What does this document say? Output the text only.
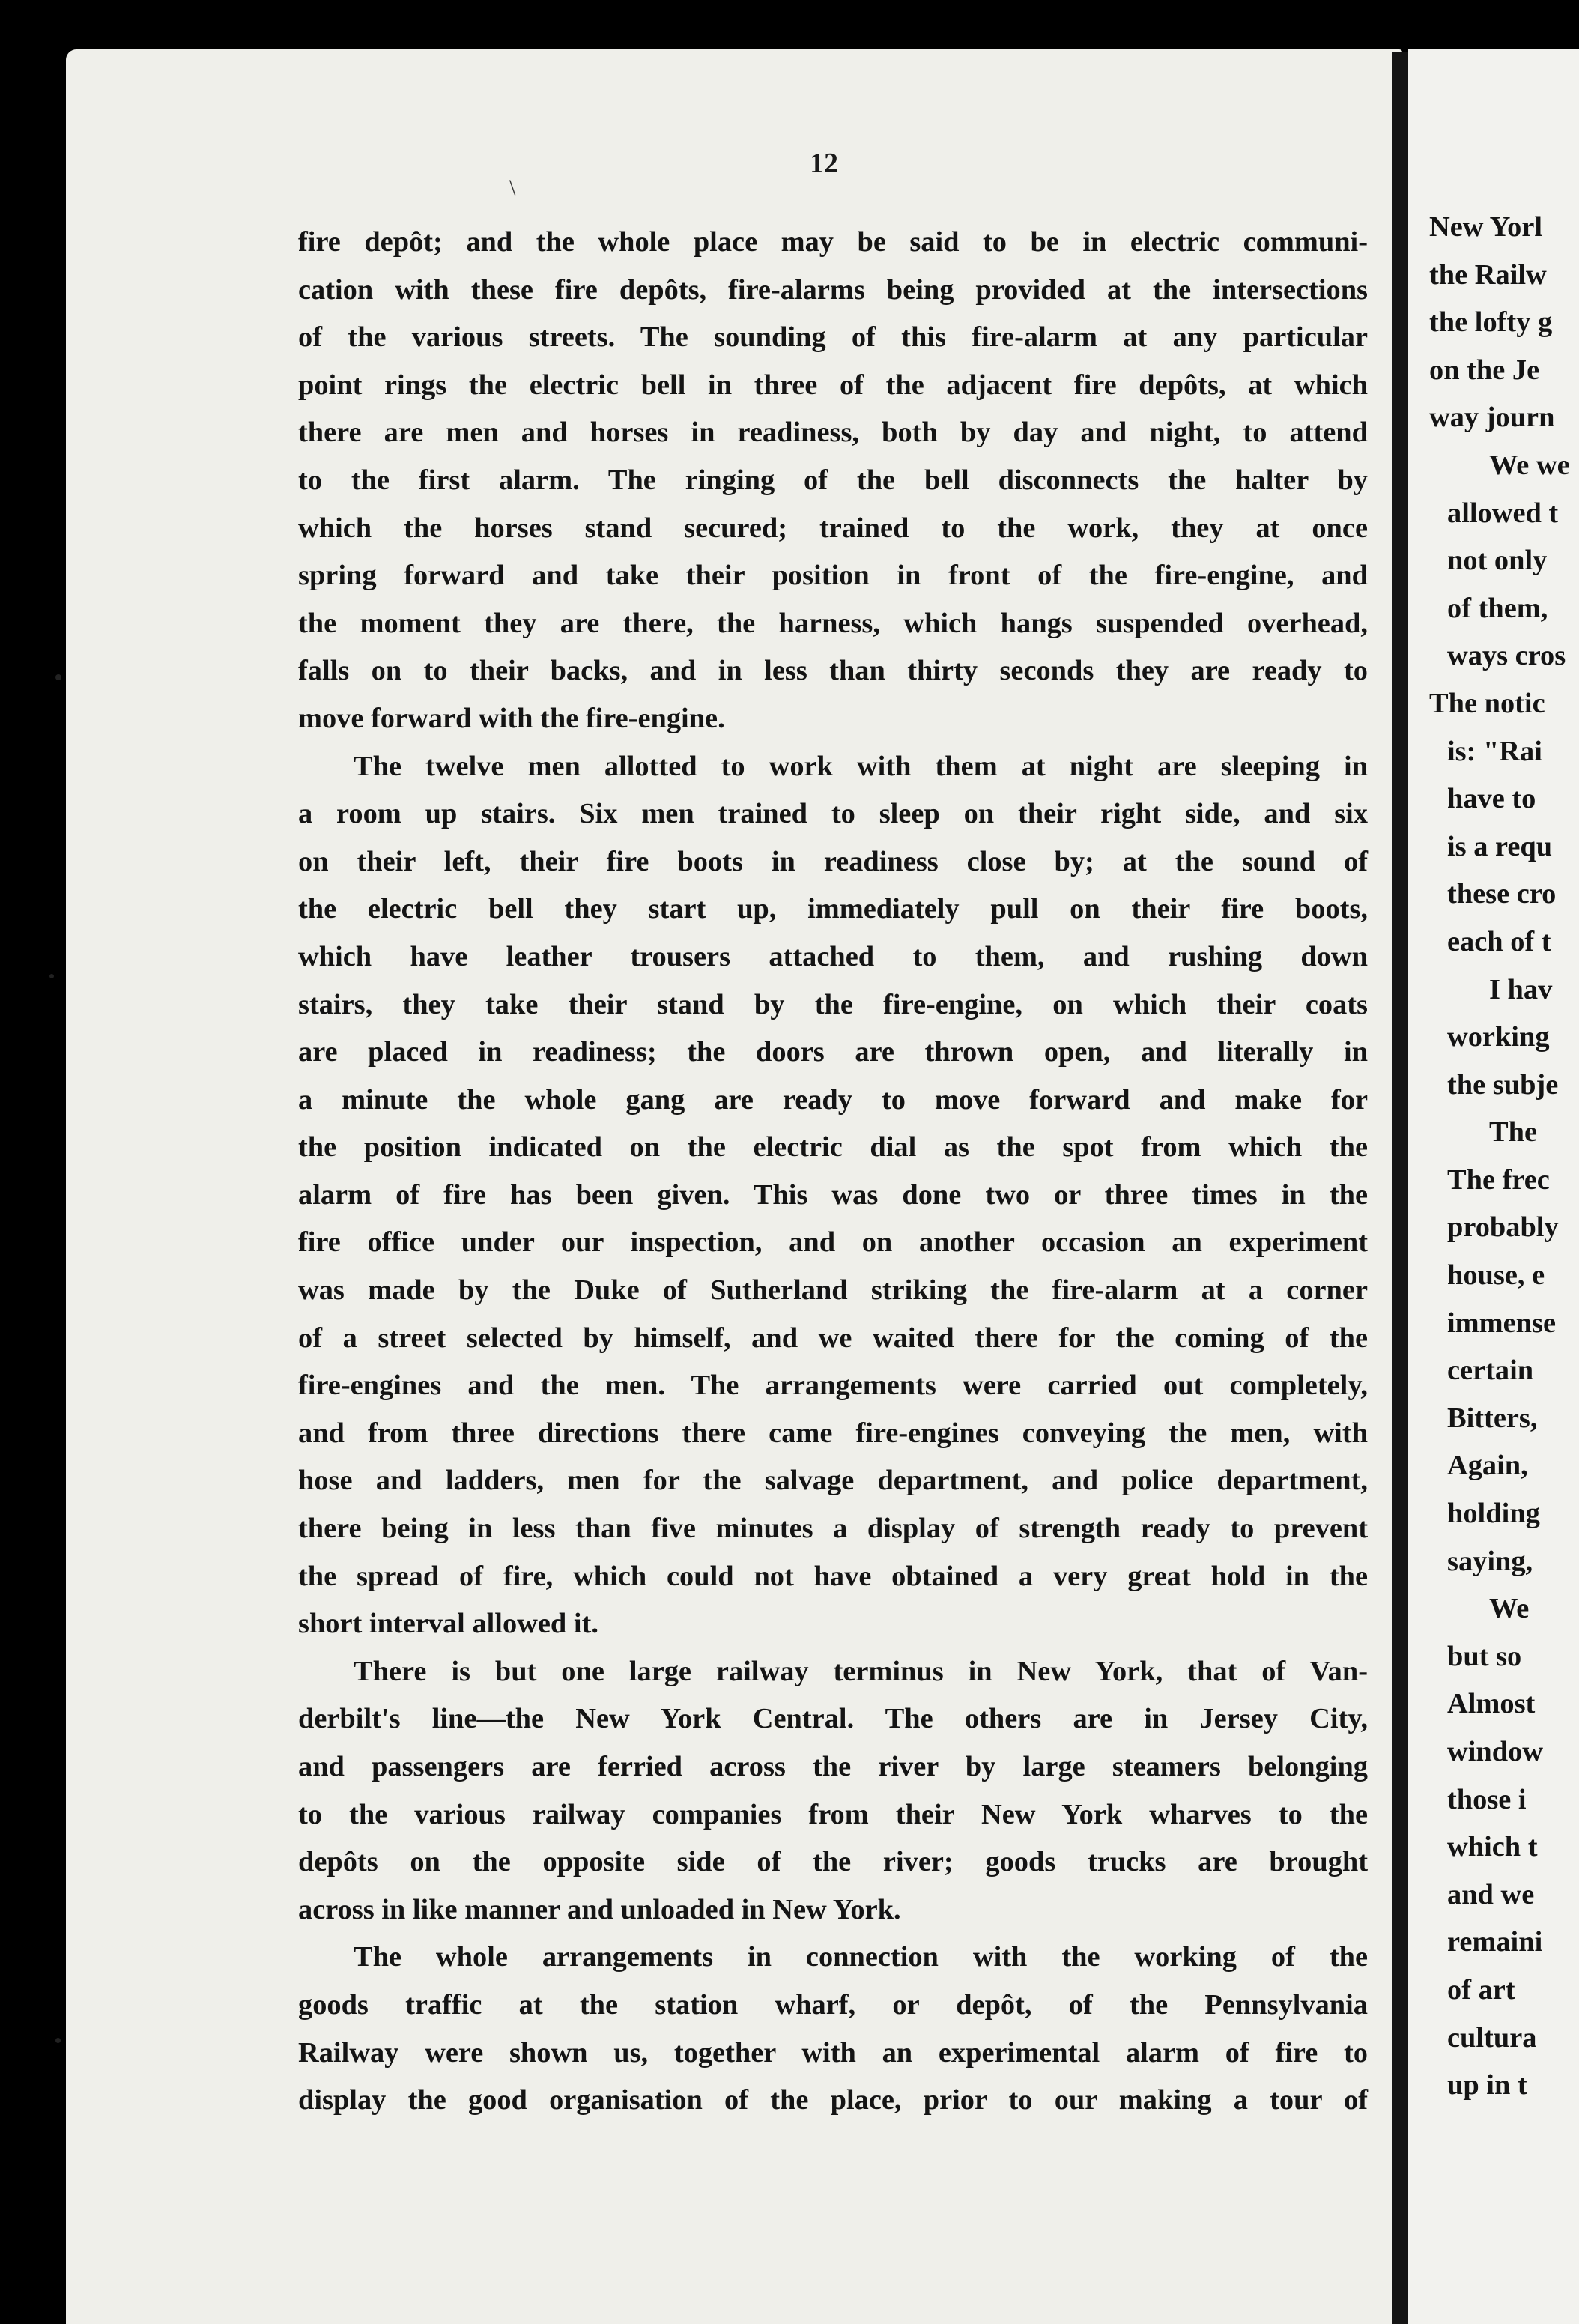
12
\
fire depôt; and the whole place may be said to be in electric communi-
cation with these fire depôts, fire-alarms being provided at the intersections
of the various streets. The sounding of this fire-alarm at any particular
point rings the electric bell in three of the adjacent fire depôts, at which
there are men and horses in readiness, both by day and night, to attend
to the first alarm. The ringing of the bell disconnects the halter by
which the horses stand secured; trained to the work, they at once
spring forward and take their position in front of the fire-engine, and
the moment they are there, the harness, which hangs suspended overhead,
falls on to their backs, and in less than thirty seconds they are ready to
move forward with the fire-engine.
The twelve men allotted to work with them at night are sleeping in
a room up stairs. Six men trained to sleep on their right side, and six
on their left, their fire boots in readiness close by; at the sound of
the electric bell they start up, immediately pull on their fire boots,
which have leather trousers attached to them, and rushing down
stairs, they take their stand by the fire-engine, on which their coats
are placed in readiness; the doors are thrown open, and literally in
a minute the whole gang are ready to move forward and make for
the position indicated on the electric dial as the spot from which the
alarm of fire has been given. This was done two or three times in the
fire office under our inspection, and on another occasion an experiment
was made by the Duke of Sutherland striking the fire-alarm at a corner
of a street selected by himself, and we waited there for the coming of the
fire-engines and the men. The arrangements were carried out completely,
and from three directions there came fire-engines conveying the men, with
hose and ladders, men for the salvage department, and police department,
there being in less than five minutes a display of strength ready to prevent
the spread of fire, which could not have obtained a very great hold in the
short interval allowed it.
There is but one large railway terminus in New York, that of Van-
derbilt's line—the New York Central. The others are in Jersey City,
and passengers are ferried across the river by large steamers belonging
to the various railway companies from their New York wharves to the
depôts on the opposite side of the river; goods trucks are brought
across in like manner and unloaded in New York.
The whole arrangements in connection with the working of the
goods traffic at the station wharf, or depôt, of the Pennsylvania
Railway were shown us, together with an experimental alarm of fire to
display the good organisation of the place, prior to our making a tour of
New Yorl
the Railw
the lofty g
on the Je
way journ
We we
allowed t
not only
of them,
ways cros
The notic
is: "Rai
have to
is a requ
these cro
each of t
I hav
working
the subje
The
The frec
probably
house, e
immense
certain
Bitters,
Again,
holding
saying,
We
but so
Almost
window
those i
which t
and we
remaini
of art
cultura
up in t
